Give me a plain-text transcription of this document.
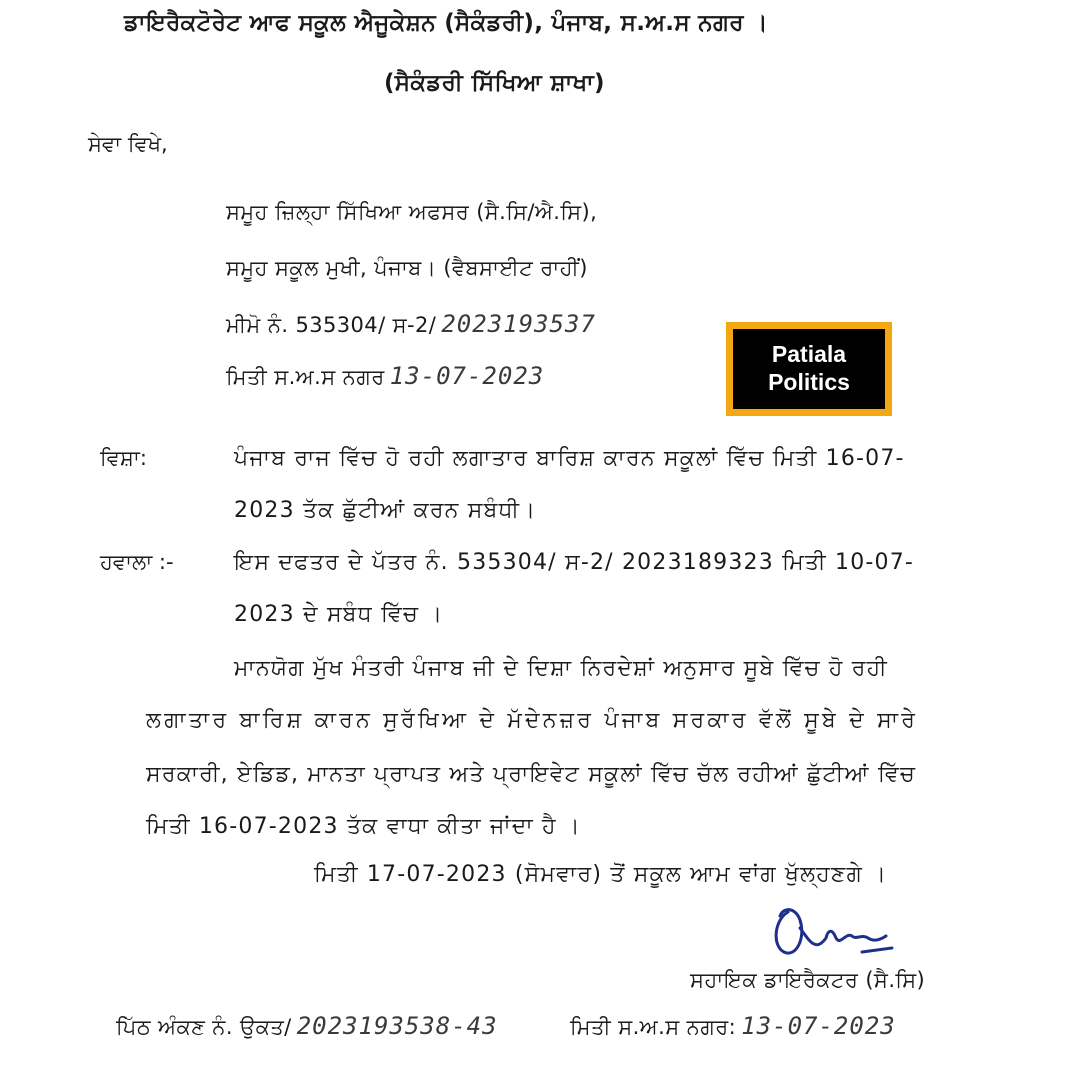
ਡਾਇਰੈਕਟੋਰੇਟ ਆਫ ਸਕੂਲ ਐਜੂਕੇਸ਼ਨ (ਸੈਕੰਡਰੀ), ਪੰਜਾਬ, ਸ.ਅ.ਸ ਨਗਰ ।
(ਸੈਕੰਡਰੀ ਸਿੱਖਿਆ ਸ਼ਾਖਾ)
ਸੇਵਾ ਵਿਖੇ,
ਸਮੂਹ ਜ਼ਿਲ੍ਹਾ ਸਿੱਖਿਆ ਅਫਸਰ (ਸੈ.ਸਿ/ਐ.ਸਿ),
ਸਮੂਹ ਸਕੂਲ ਮੁਖੀ, ਪੰਜਾਬ। (ਵੈਬਸਾਈਟ ਰਾਹੀਂ)
ਮੀਮੋ ਨੰ. 535304/ ਸ-2/ 2023193537
ਮਿਤੀ ਸ.ਅ.ਸ ਨਗਰ 13-07-2023
Patiala
Politics
ਵਿਸ਼ਾ:	ਪੰਜਾਬ ਰਾਜ ਵਿੱਚ ਹੋ ਰਹੀ ਲਗਾਤਾਰ ਬਾਰਿਸ਼ ਕਾਰਨ ਸਕੂਲਾਂ ਵਿੱਚ ਮਿਤੀ 16-07-
2023 ਤੱਕ ਛੁੱਟੀਆਂ ਕਰਨ ਸਬੰਧੀ।
ਹਵਾਲਾ :-	ਇਸ ਦਫਤਰ ਦੇ ਪੱਤਰ ਨੰ. 535304/ ਸ-2/ 2023189323 ਮਿਤੀ 10-07-
2023 ਦੇ ਸਬੰਧ ਵਿੱਚ ।
ਮਾਨਯੋਗ ਮੁੱਖ ਮੰਤਰੀ ਪੰਜਾਬ ਜੀ ਦੇ ਦਿਸ਼ਾ ਨਿਰਦੇਸ਼ਾਂ ਅਨੁਸਾਰ ਸੂਬੇ ਵਿੱਚ ਹੋ ਰਹੀ
ਲਗਾਤਾਰ ਬਾਰਿਸ਼ ਕਾਰਨ ਸੁਰੱਖਿਆ ਦੇ ਮੱਦੇਨਜ਼ਰ ਪੰਜਾਬ ਸਰਕਾਰ ਵੱਲੋਂ ਸੂਬੇ ਦੇ ਸਾਰੇ
ਸਰਕਾਰੀ, ਏਡਿਡ, ਮਾਨਤਾ ਪ੍ਰਾਪਤ ਅਤੇ ਪ੍ਰਾਇਵੇਟ ਸਕੂਲਾਂ ਵਿੱਚ ਚੱਲ ਰਹੀਆਂ ਛੁੱਟੀਆਂ ਵਿੱਚ
ਮਿਤੀ 16-07-2023 ਤੱਕ ਵਾਧਾ ਕੀਤਾ ਜਾਂਦਾ ਹੈ ।
ਮਿਤੀ 17-07-2023 (ਸੋਮਵਾਰ) ਤੋਂ ਸਕੂਲ ਆਮ ਵਾਂਗ ਖੁੱਲ੍ਹਣਗੇ ।
ਸਹਾਇਕ ਡਾਇਰੈਕਟਰ (ਸੈ.ਸਿ)
ਪਿੱਠ ਅੰਕਣ ਨੰ. ਉਕਤ/ 2023193538-43	ਮਿਤੀ ਸ.ਅ.ਸ ਨਗਰ: 13-07-2023
